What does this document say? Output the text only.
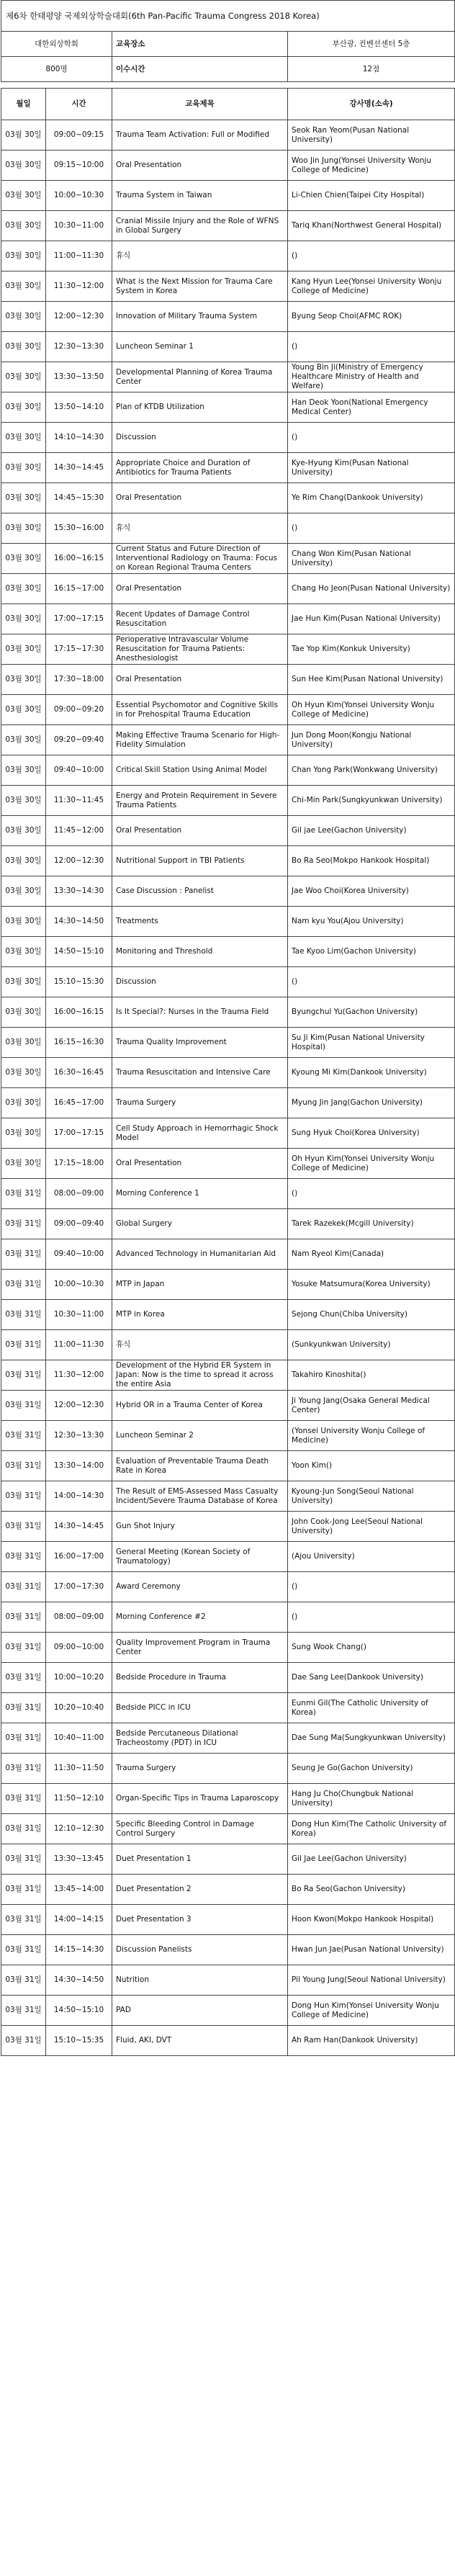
제6차 한태평양 국제외상학술대회(6th Pan-Pacific Trauma Congress 2018 Korea)			
대한외상학회		교육장소	부산광, 컨벤션센터 5층
800명		이수시간	12점

월일	시간	교육제목	강사명(소속)
03월 30일	09:00~09:15	Trauma Team Activation: Full or Modified	Seok Ran Yeom(Pusan National University)
03월 30일	09:15~10:00	Oral Presentation	Woo Jin Jung(Yonsei University Wonju College of Medicine)
03월 30일	10:00~10:30	Trauma System in Taiwan	Li-Chien Chien(Taipei City Hospital)
03월 30일	10:30~11:00	Cranial Missile Injury and the Role of WFNS in Global Surgery	Tariq Khan(Northwest General Hospital)
03월 30일	11:00~11:30	휴식	()
03월 30일	11:30~12:00	What is the Next Mission for Trauma Care System in Korea	Kang Hyun Lee(Yonsei University Wonju College of Medicine)
03월 30일	12:00~12:30	Innovation of Military Trauma System	Byung Seop Choi(AFMC ROK)
03월 30일	12:30~13:30	Luncheon Seminar 1	()
03월 30일	13:30~13:50	Developmental Planning of Korea Trauma Center	Young Bin Ji(Ministry of Emergency Healthcare Ministry of Health and Welfare)
03월 30일	13:50~14:10	Plan of KTDB Utilization	Han Deok Yoon(National Emergency Medical Center)
03월 30일	14:10~14:30	Discussion	()
03월 30일	14:30~14:45	Appropriate Choice and Duration of Antibiotics for Trauma Patients	Kye-Hyung Kim(Pusan National University)
03월 30일	14:45~15:30	Oral Presentation	Ye Rim Chang(Dankook University)
03월 30일	15:30~16:00	휴식	()
03월 30일	16:00~16:15	Current Status and Future Direction of Interventional Radiology on Trauma: Focus on Korean Regional Trauma Centers	Chang Won Kim(Pusan National University)
03월 30일	16:15~17:00	Oral Presentation	Chang Ho Jeon(Pusan National University)
03월 30일	17:00~17:15	Recent Updates of Damage Control Resuscitation	Jae Hun Kim(Pusan National University)
03월 30일	17:15~17:30	Perioperative Intravascular Volume Resuscitation for Trauma Patients: Anesthesiologist	Tae Yop Kim(Konkuk University)
03월 30일	17:30~18:00	Oral Presentation	Sun Hee Kim(Pusan National University)
03월 30일	09:00~09:20	Essential Psychomotor and Cognitive Skills in for Prehospital Trauma Education	Oh Hyun Kim(Yonsei University Wonju College of Medicine)
03월 30일	09:20~09:40	Making Effective Trauma Scenario for High-Fidelity Simulation	Jun Dong Moon(Kongju National University)
03월 30일	09:40~10:00	Critical Skill Station Using Animal Model	Chan Yong Park(Wonkwang University)
03월 30일	11:30~11:45	Energy and Protein Requirement in Severe Trauma Patients	Chi-Min Park(Sungkyunkwan University)
03월 30일	11:45~12:00	Oral Presentation	Gil jae Lee(Gachon University)
03월 30일	12:00~12:30	Nutritional Support in TBI Patients	Bo Ra Seo(Mokpo Hankook Hospital)
03월 30일	13:30~14:30	Case Discussion : Panelist	Jae Woo Choi(Korea University)
03월 30일	14:30~14:50	Treatments	Nam kyu You(Ajou University)
03월 30일	14:50~15:10	Monitoring and Threshold	Tae Kyoo Lim(Gachon University)
03월 30일	15:10~15:30	Discussion	()
03월 30일	16:00~16:15	Is It Special?: Nurses in the Trauma Field	Byungchul Yu(Gachon University)
03월 30일	16:15~16:30	Trauma Quality Improvement	Su Ji Kim(Pusan National University Hospital)
03월 30일	16:30~16:45	Trauma Resuscitation and Intensive Care	Kyoung Mi Kim(Dankook University)
03월 30일	16:45~17:00	Trauma Surgery	Myung Jin Jang(Gachon University)
03월 30일	17:00~17:15	Cell Study Approach in Hemorrhagic Shock Model	Sung Hyuk Choi(Korea University)
03월 30일	17:15~18:00	Oral Presentation	Oh Hyun Kim(Yonsei University Wonju College of Medicine)
03월 31일	08:00~09:00	Morning Conference 1	()
03월 31일	09:00~09:40	Global Surgery	Tarek Razekek(Mcgill University)
03월 31일	09:40~10:00	Advanced Technology in Humanitarian Aid	Nam Ryeol Kim(Canada)
03월 31일	10:00~10:30	MTP in Japan	Yosuke Matsumura(Korea University)
03월 31일	10:30~11:00	MTP in Korea	Sejong Chun(Chiba University)
03월 31일	11:00~11:30	휴식	(Sunkyunkwan University)
03월 31일	11:30~12:00	Development of the Hybrid ER System in Japan: Now is the time to spread it across the entire Asia	Takahiro Kinoshita()
03월 31일	12:00~12:30	Hybrid OR in a Trauma Center of Korea	Ji Young Jang(Osaka General Medical Center)
03월 31일	12:30~13:30	Luncheon Seminar 2	(Yonsei University Wonju College of Medicine)
03월 31일	13:30~14:00	Evaluation of Preventable Trauma Death Rate in Korea	Yoon Kim()
03월 31일	14:00~14:30	The Result of EMS-Assessed Mass Casualty Incident/Severe Trauma Database of Korea	Kyoung-Jun Song(Seoul National University)
03월 31일	14:30~14:45	Gun Shot Injury	John Cook-Jong Lee(Seoul National University)
03월 31일	16:00~17:00	General Meeting (Korean Society of Traumatology)	(Ajou University)
03월 31일	17:00~17:30	Award Ceremony	()
03월 31일	08:00~09:00	Morning Conference #2	()
03월 31일	09:00~10:00	Quality Improvement Program in Trauma Center	Sung Wook Chang()
03월 31일	10:00~10:20	Bedside Procedure in Trauma	Dae Sang Lee(Dankook University)
03월 31일	10:20~10:40	Bedside PICC in ICU	Eunmi Gil(The Catholic University of Korea)
03월 31일	10:40~11:00	Bedside Percutaneous Dilational Tracheostomy (PDT) in ICU	Dae Sung Ma(Sungkyunkwan University)
03월 31일	11:30~11:50	Trauma Surgery	Seung Je Go(Gachon University)
03월 31일	11:50~12:10	Organ-Specific Tips in Trauma Laparoscopy	Hang Ju Cho(Chungbuk National University)
03월 31일	12:10~12:30	Specific Bleeding Control in Damage Control Surgery	Dong Hun Kim(The Catholic University of Korea)
03월 31일	13:30~13:45	Duet Presentation 1	Gil Jae Lee(Gachon University)
03월 31일	13:45~14:00	Duet Presentation 2	Bo Ra Seo(Gachon University)
03월 31일	14:00~14:15	Duet Presentation 3	Hoon Kwon(Mokpo Hankook Hospital)
03월 31일	14:15~14:30	Discussion Panelists	Hwan Jun Jae(Pusan National University)
03월 31일	14:30~14:50	Nutrition	Pil Young Jung(Seoul National University)
03월 31일	14:50~15:10	PAD	Dong Hun Kim(Yonsei University Wonju College of Medicine)
03월 31일	15:10~15:35	Fluid, AKI, DVT	Ah Ram Han(Dankook University)
